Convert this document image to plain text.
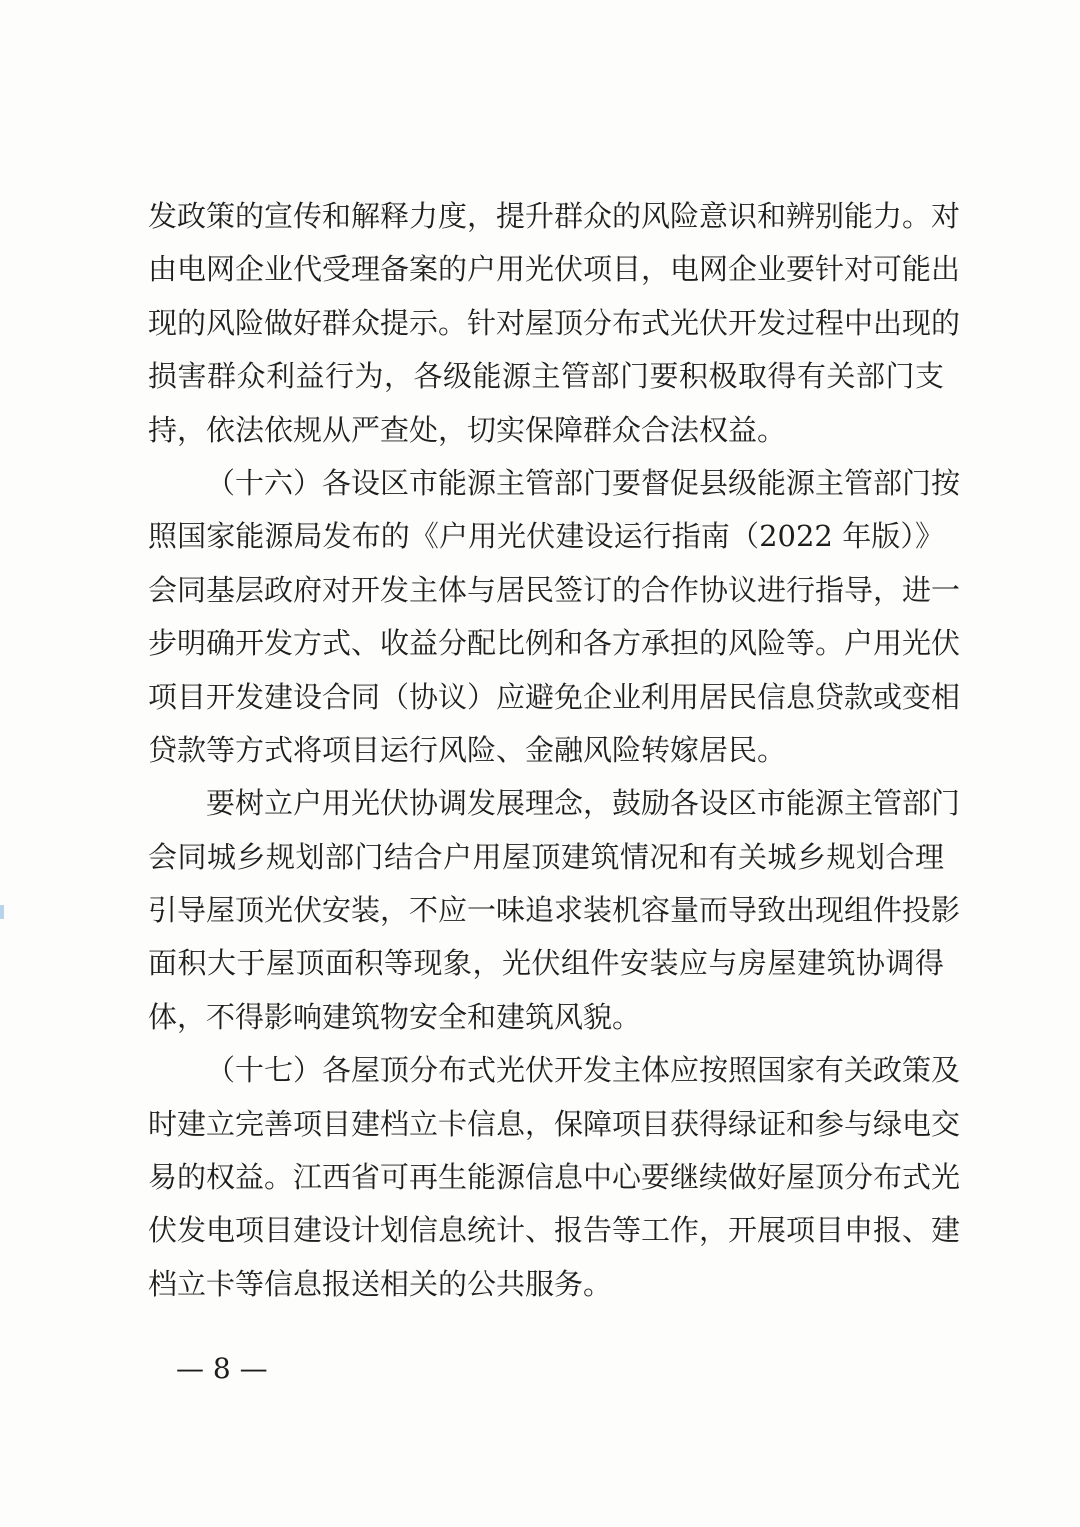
发政策的宣传和解释力度，提升群众的风险意识和辨别能力。对
由电网企业代受理备案的户用光伏项目，电网企业要针对可能出
现的风险做好群众提示。针对屋顶分布式光伏开发过程中出现的
损害群众利益行为，各级能源主管部门要积极取得有关部门支
持，依法依规从严查处，切实保障群众合法权益。
（十六）各设区市能源主管部门要督促县级能源主管部门按
照国家能源局发布的《户用光伏建设运行指南（2022 年版）》
会同基层政府对开发主体与居民签订的合作协议进行指导，进一
步明确开发方式、收益分配比例和各方承担的风险等。户用光伏
项目开发建设合同（协议）应避免企业利用居民信息贷款或变相
贷款等方式将项目运行风险、金融风险转嫁居民。
要树立户用光伏协调发展理念，鼓励各设区市能源主管部门
会同城乡规划部门结合户用屋顶建筑情况和有关城乡规划合理
引导屋顶光伏安装，不应一味追求装机容量而导致出现组件投影
面积大于屋顶面积等现象，光伏组件安装应与房屋建筑协调得
体，不得影响建筑物安全和建筑风貌。
（十七）各屋顶分布式光伏开发主体应按照国家有关政策及
时建立完善项目建档立卡信息，保障项目获得绿证和参与绿电交
易的权益。江西省可再生能源信息中心要继续做好屋顶分布式光
伏发电项目建设计划信息统计、报告等工作，开展项目申报、建
档立卡等信息报送相关的公共服务。
— 8 —
